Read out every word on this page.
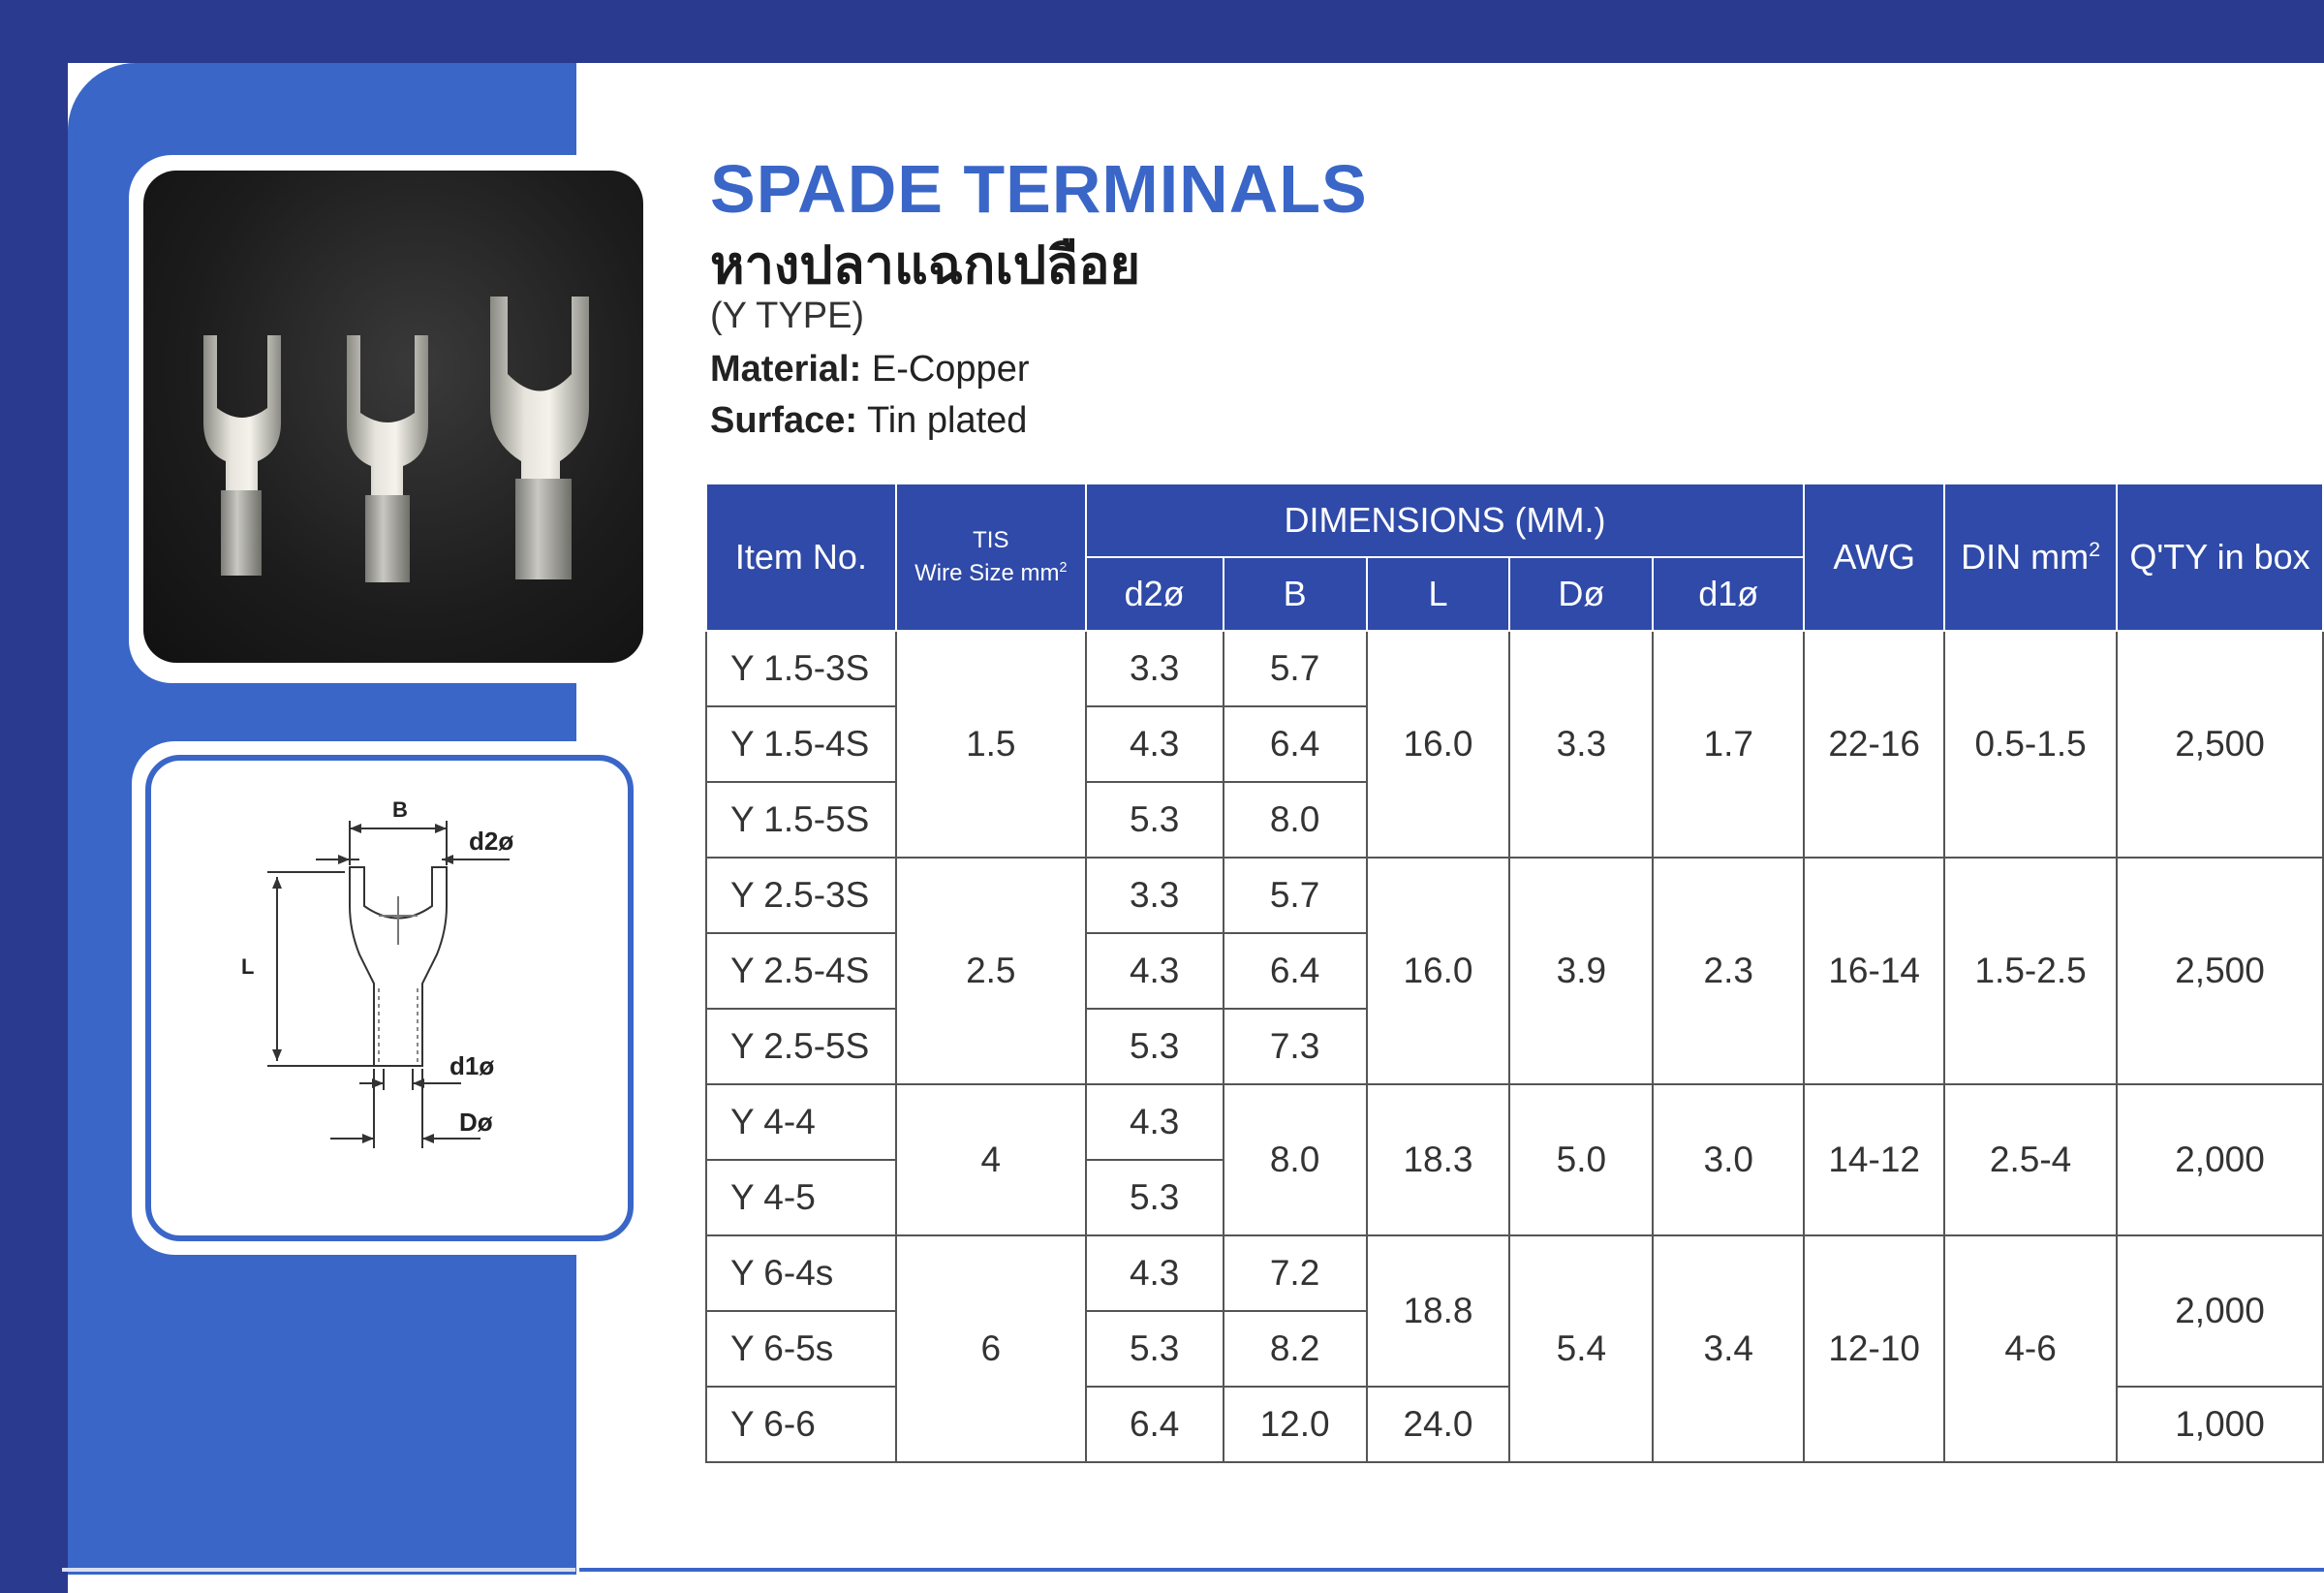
B
d2ø
L
d1ø
Dø
SPADE TERMINALS
หางปลาแฉกเปลือย
(Y TYPE)
Material: E-Copper
Surface: Tin plated
Item No.	TIS
Wire Size $mm^2$	DIMENSIONS (MM.)					AWG	DIN $mm^2$	Q'TY in box
		d2ø	B	L	Dø	d1ø			
Y 1.5-3S	1.5	3.3	5.7	16.0	3.3	1.7	22-16	0.5-1.5	2,500
Y 1.5-4S		4.3	6.4						
Y 1.5-5S		5.3	8.0						
Y 2.5-3S	2.5	3.3	5.7	16.0	3.9	2.3	16-14	1.5-2.5	2,500
Y 2.5-4S		4.3	6.4						
Y 2.5-5S		5.3	7.3						
Y 4-4	4	4.3	8.0	18.3	5.0	3.0	14-12	2.5-4	2,000
Y 4-5		5.3							
Y 6-4s	6	4.3	7.2	18.8	5.4	3.4	12-10	4-6	2,000
Y 6-5s		5.3	8.2						
Y 6-6		6.4	12.0	24.0					1,000
